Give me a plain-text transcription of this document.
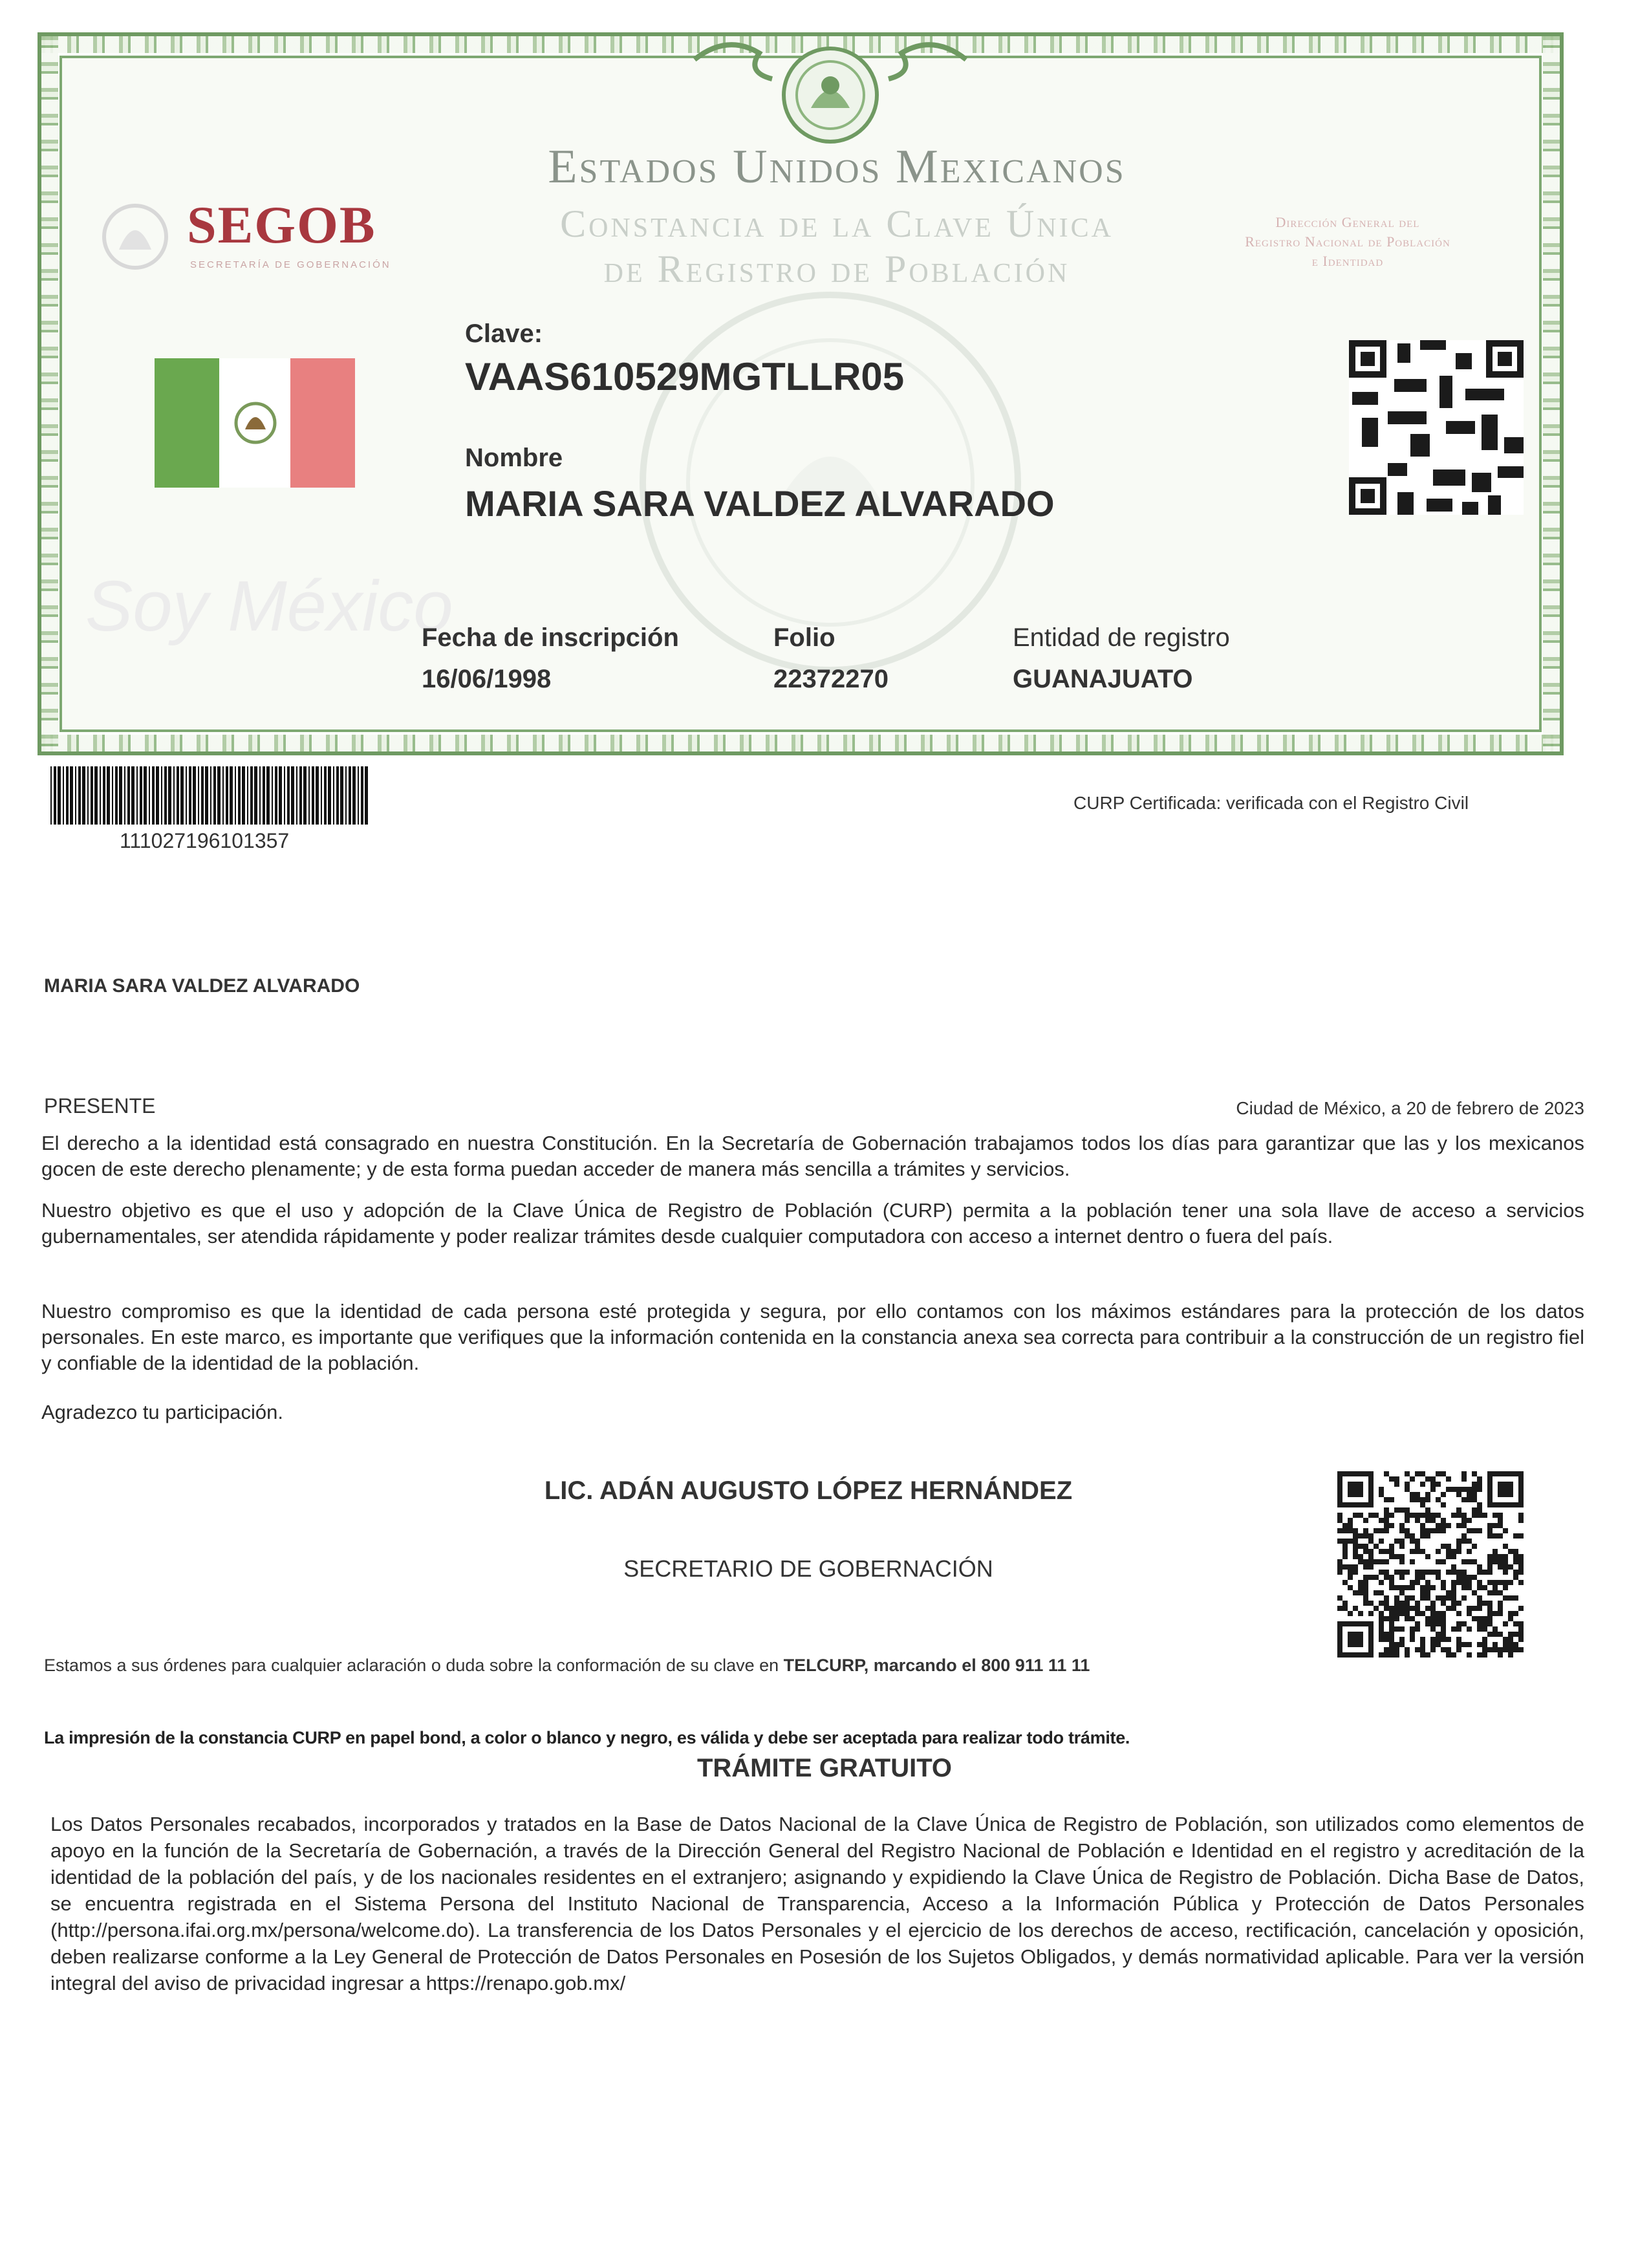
SEGOB
SECRETARÍA DE GOBERNACIÓN
Estados Unidos Mexicanos
Constancia de la Clave Única
de Registro de Población
Dirección General del
Registro Nacional de Población
e Identidad
Soy México
Clave:
VAAS610529MGTLLR05
Nombre
MARIA SARA VALDEZ ALVARADO
Fecha de inscripción
16/06/1998
Folio
22372270
Entidad de registro
GUANAJUATO
111027196101357
CURP Certificada: verificada con el Registro Civil
MARIA SARA VALDEZ ALVARADO
PRESENTE	Ciudad de México, a 20 de febrero de 2023
El derecho a la identidad está consagrado en nuestra Constitución. En la Secretaría de Gobernación trabajamos todos los días para garantizar que las y los mexicanos gocen de este derecho plenamente; y de esta forma puedan acceder de manera más sencilla a trámites y servicios.
Nuestro objetivo es que el uso y adopción de la Clave Única de Registro de Población (CURP) permita a la población tener una sola llave de acceso a servicios gubernamentales, ser atendida rápidamente y poder realizar trámites desde cualquier computadora con acceso a internet dentro o fuera del país.
Nuestro compromiso es que la identidad de cada persona esté protegida y segura, por ello contamos con los máximos estándares para la protección de los datos personales. En este marco, es importante que verifiques que la información contenida en la constancia anexa sea correcta para contribuir a la construcción de un registro fiel y confiable de la identidad de la población.
Agradezco tu participación.
LIC. ADÁN AUGUSTO LÓPEZ HERNÁNDEZ
SECRETARIO DE GOBERNACIÓN
Estamos a sus órdenes para cualquier aclaración o duda sobre la conformación de su clave en TELCURP, marcando el 800 911 11 11
La impresión de la constancia CURP en papel bond, a color o blanco y negro, es válida y debe ser aceptada para realizar todo trámite.
TRÁMITE GRATUITO
Los Datos Personales recabados, incorporados y tratados en la Base de Datos Nacional de la Clave Única de Registro de Población, son utilizados como elementos de apoyo en la función de la Secretaría de Gobernación, a través de la Dirección General del Registro Nacional de Población e Identidad en el registro y acreditación de la identidad de la población del país, y de los nacionales residentes en el extranjero; asignando y expidiendo la Clave Única de Registro de Población. Dicha Base de Datos, se encuentra registrada en el Sistema Persona del Instituto Nacional de Transparencia, Acceso a la Información Pública y Protección de Datos Personales (http://persona.ifai.org.mx/persona/welcome.do). La transferencia de los Datos Personales y el ejercicio de los derechos de acceso, rectificación, cancelación y oposición, deben realizarse conforme a la Ley General de Protección de Datos Personales en Posesión de los Sujetos Obligados, y demás normatividad aplicable. Para ver la versión integral del aviso de privacidad ingresar a https://renapo.gob.mx/
